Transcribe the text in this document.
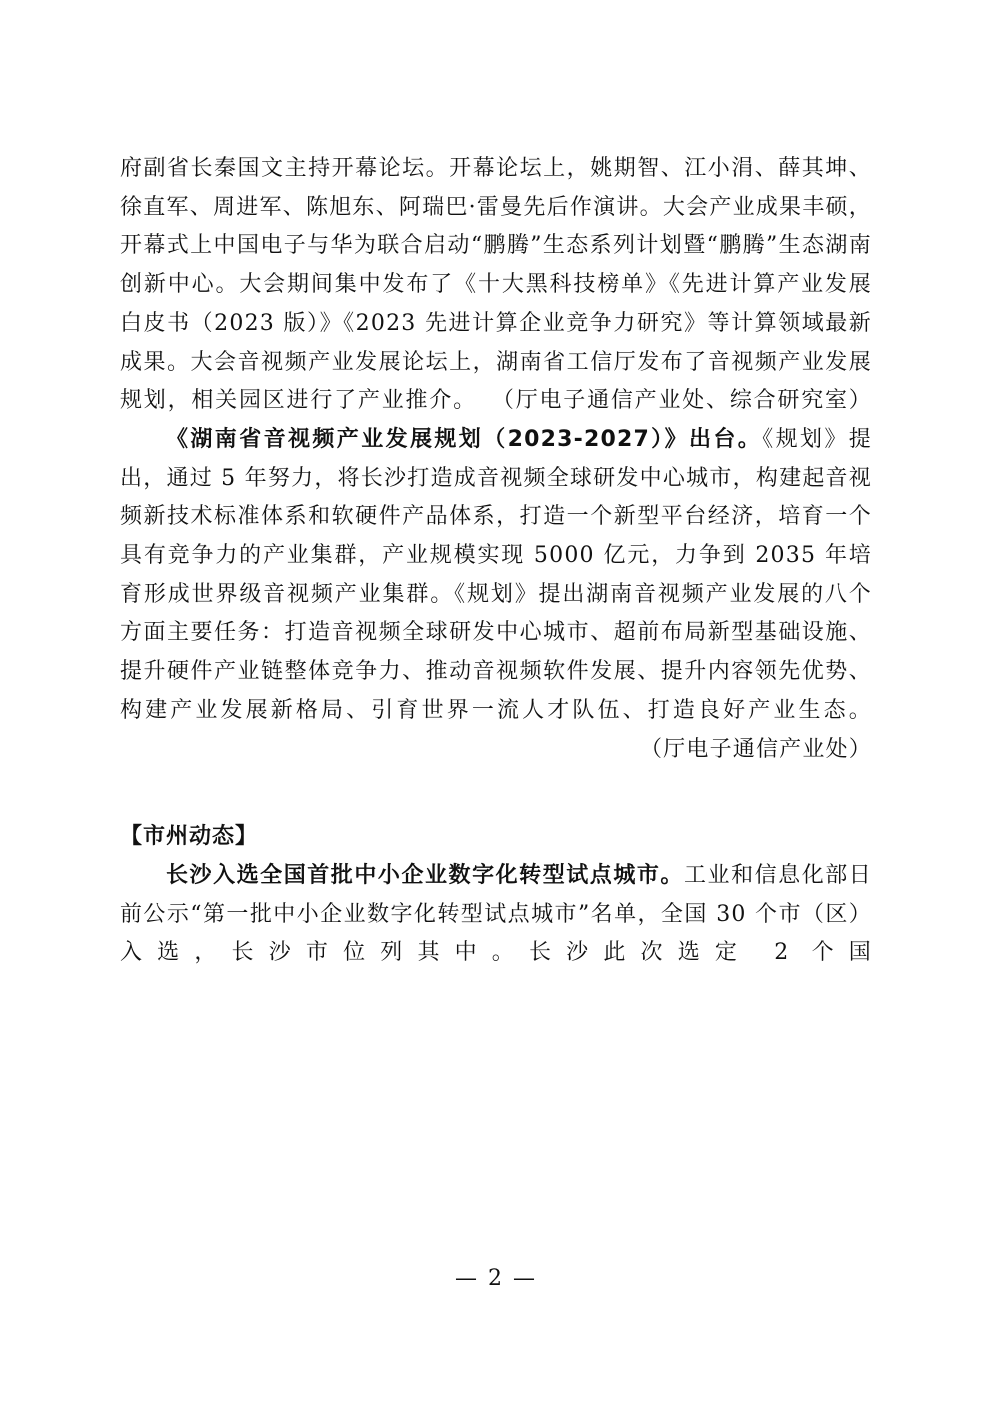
府副省长秦国文主持开幕论坛。开幕论坛上，姚期智、江小涓、薛其坤、徐直军、周进军、陈旭东、阿瑞巴·雷曼先后作演讲。大会产业成果丰硕，开幕式上中国电子与华为联合启动“鹏腾”生态系列计划暨“鹏腾”生态湖南创新中心。大会期间集中发布了《十大黑科技榜单》《先进计算产业发展白皮书（2023 版）》《2023 先进计算企业竞争力研究》等计算领域最新成果。大会音视频产业发展论坛上，湖南省工信厅发布了音视频产业发展规划，相关园区进行了产业推介。 （厅电子通信产业处、综合研究室）

《湖南省音视频产业发展规划（2023-2027）》出台。《规划》提出，通过 5 年努力，将长沙打造成音视频全球研发中心城市，构建起音视频新技术标准体系和软硬件产品体系，打造一个新型平台经济，培育一个具有竞争力的产业集群，产业规模实现 5000 亿元，力争到 2035 年培育形成世界级音视频产业集群。《规划》提出湖南音视频产业发展的八个方面主要任务：打造音视频全球研发中心城市、超前布局新型基础设施、提升硬件产业链整体竞争力、推动音视频软件发展、提升内容领先优势、构建产业发展新格局、引育世界一流人才队伍、打造良好产业生态。

（厅电子通信产业处）

【市州动态】

长沙入选全国首批中小企业数字化转型试点城市。工业和信息化部日前公示“第一批中小企业数字化转型试点城市”名单，全国 30 个市（区）入选，长沙市位列其中。长沙此次选定 2 个国

— 2 —
